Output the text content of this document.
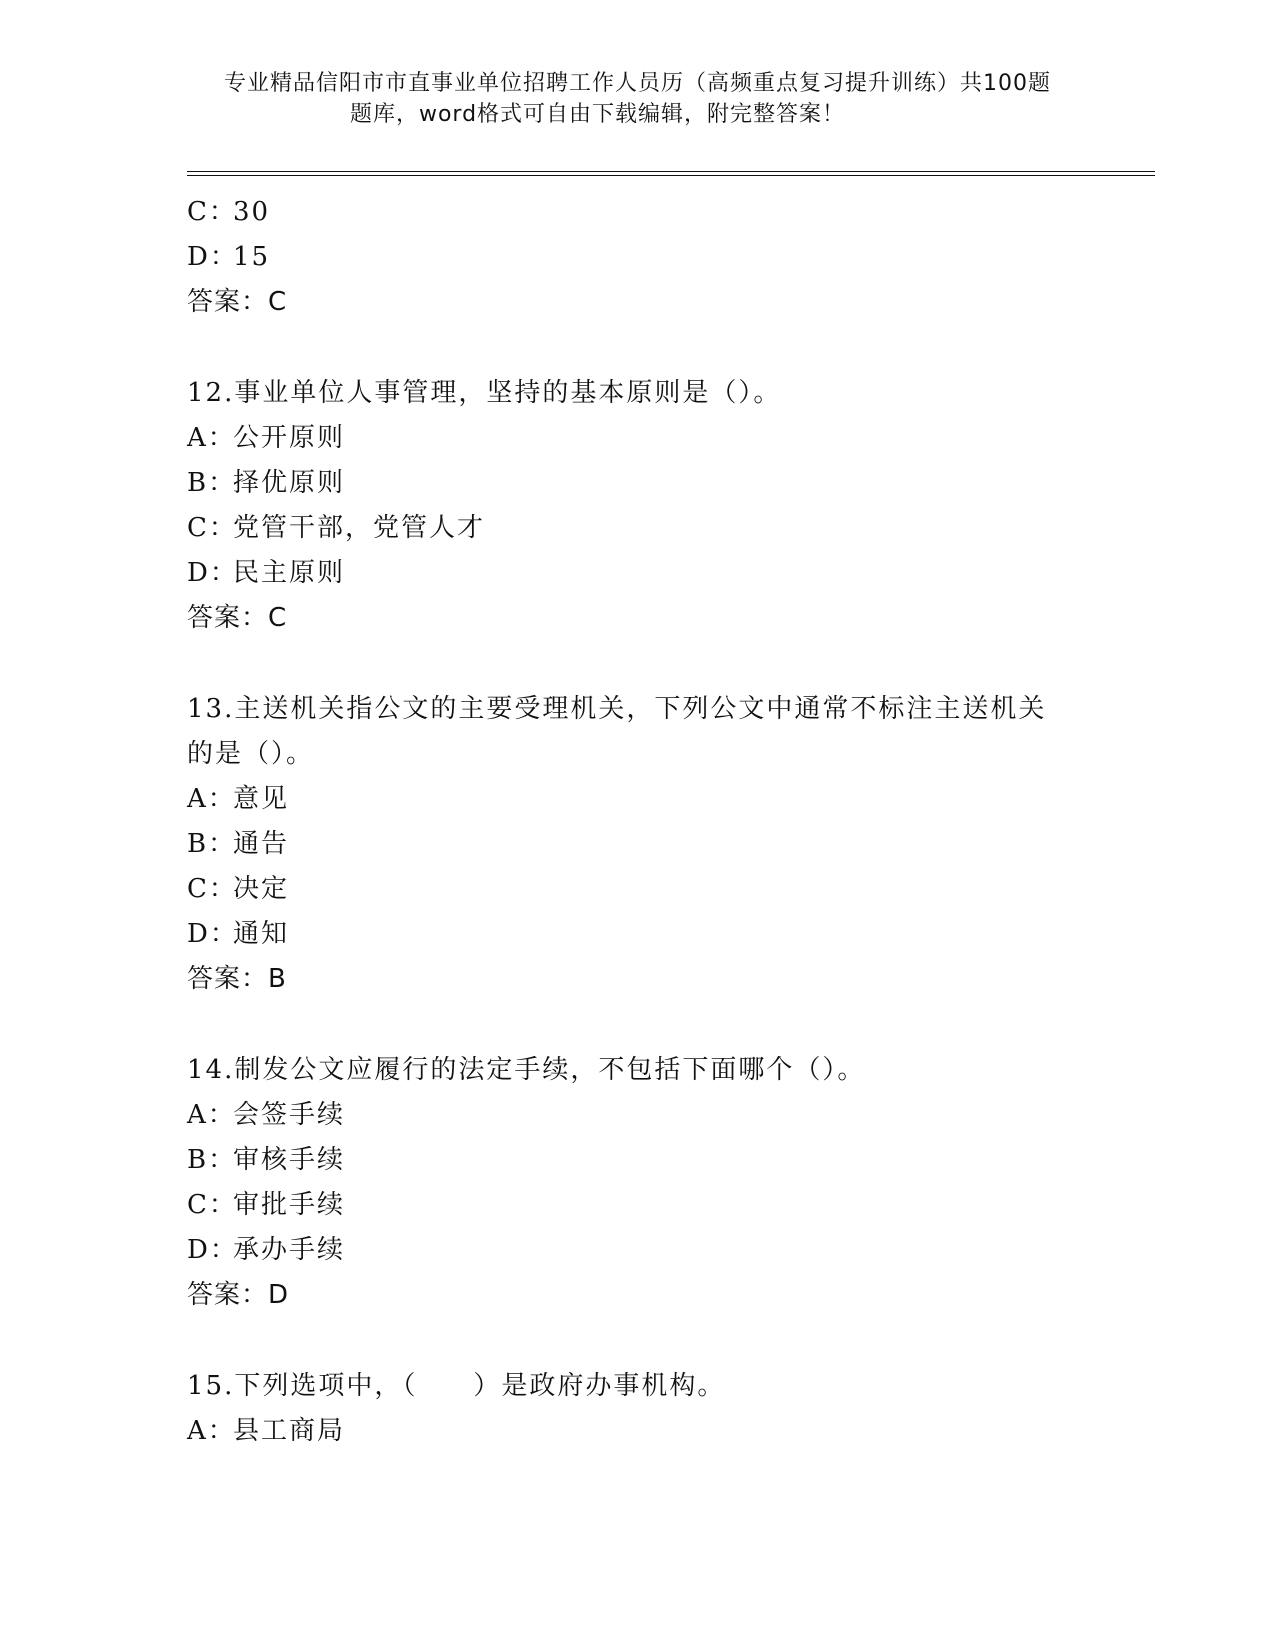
专业精品信阳市市直事业单位招聘工作人员历（高频重点复习提升训练）共100题
题库，word格式可自由下载编辑，附完整答案！
C：30
D：15
答案：C
12.事业单位人事管理，坚持的基本原则是（）。
A：公开原则
B：择优原则
C：党管干部，党管人才
D：民主原则
答案：C
13.主送机关指公文的主要受理机关，下列公文中通常不标注主送机关
的是（）。
A：意见
B：通告
C：决定
D：通知
答案：B
14.制发公文应履行的法定手续，不包括下面哪个（）。
A：会签手续
B：审核手续
C：审批手续
D：承办手续
答案：D
15.下列选项中，（　　）是政府办事机构。
A：县工商局
